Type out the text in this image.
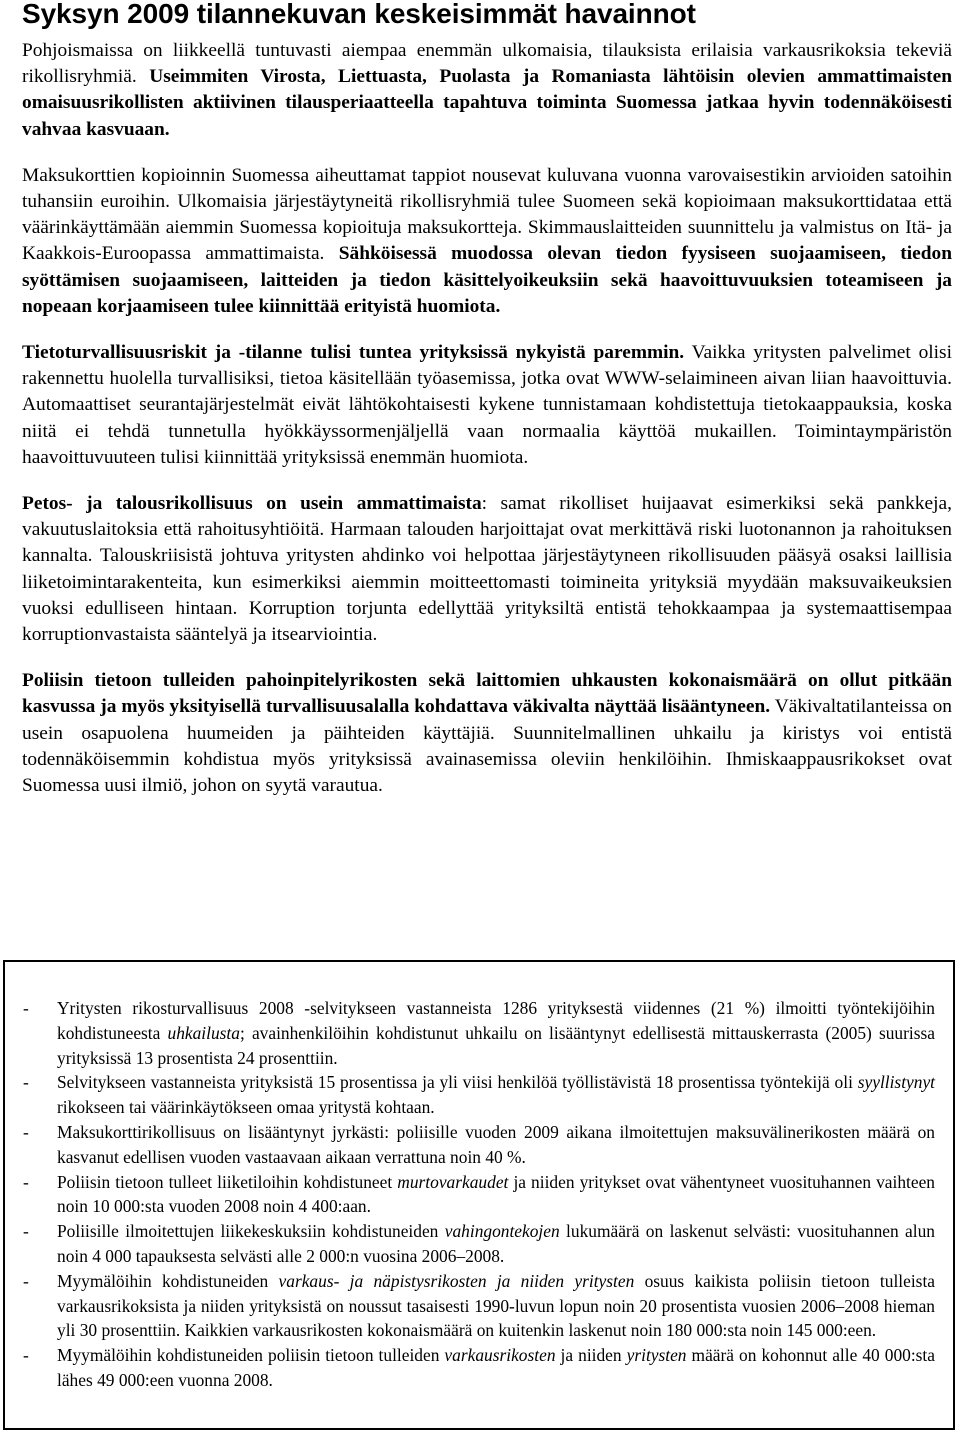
Syksyn 2009 tilannekuvan keskeisimmät havainnot

Pohjoismaissa on liikkeellä tuntuvasti aiempaa enemmän ulkomaisia, tilauksista erilaisia varkausrikoksia tekeviä rikollisryhmiä. Useimmiten Virosta, Liettuasta, Puolasta ja Romaniasta lähtöisin olevien ammattimaisten omaisuusrikollisten aktiivinen tilausperiaatteella tapahtuva toiminta Suomessa jatkaa hyvin todennäköisesti vahvaa kasvuaan.

Maksukorttien kopioinnin Suomessa aiheuttamat tappiot nousevat kuluvana vuonna varovaisestikin arvioiden satoihin tuhansiin euroihin. Ulkomaisia järjestäytyneitä rikollisryhmiä tulee Suomeen sekä kopioimaan maksukorttidataa että väärinkäyttämään aiemmin Suomessa kopioituja maksukortteja. Skimmauslaitteiden suunnittelu ja valmistus on Itä- ja Kaakkois-Euroopassa ammattimaista. Sähköisessä muodossa olevan tiedon fyysiseen suojaamiseen, tiedon syöttämisen suojaamiseen, laitteiden ja tiedon käsittelyoikeuksiin sekä haavoittuvuuksien toteamiseen ja nopeaan korjaamiseen tulee kiinnittää erityistä huomiota.

Tietoturvallisuusriskit ja -tilanne tulisi tuntea yrityksissä nykyistä paremmin. Vaikka yritysten palvelimet olisi rakennettu huolella turvallisiksi, tietoa käsitellään työasemissa, jotka ovat WWW-selaimineen aivan liian haavoittuvia. Automaattiset seurantajärjestelmät eivät lähtökohtaisesti kykene tunnistamaan kohdistettuja tietokaappauksia, koska niitä ei tehdä tunnetulla hyökkäyssormenjäljellä vaan normaalia käyttöä mukaillen. Toimintaympäristön haavoittuvuuteen tulisi kiinnittää yrityksissä enemmän huomiota.

Petos- ja talousrikollisuus on usein ammattimaista: samat rikolliset huijaavat esimerkiksi sekä pankkeja, vakuutuslaitoksia että rahoitusyhtiöitä. Harmaan talouden harjoittajat ovat merkittävä riski luotonannon ja rahoituksen kannalta. Talouskriisistä johtuva yritysten ahdinko voi helpottaa järjestäytyneen rikollisuuden pääsyä osaksi laillisia liiketoimintarakenteita, kun esimerkiksi aiemmin moitteettomasti toimineita yrityksiä myydään maksuvaikeuksien vuoksi edulliseen hintaan. Korruption torjunta edellyttää yrityksiltä entistä tehokkaampaa ja systemaattisempaa korruptionvastaista sääntelyä ja itsearviointia.

Poliisin tietoon tulleiden pahoinpitelyrikosten sekä laittomien uhkausten kokonaismäärä on ollut pitkään kasvussa ja myös yksityisellä turvallisuusalalla kohdattava väkivalta näyttää lisääntyneen. Väkivaltatilanteissa on usein osapuolena huumeiden ja päihteiden käyttäjiä. Suunnitelmallinen uhkailu ja kiristys voi entistä todennäköisemmin kohdistua myös yrityksissä avainasemissa oleviin henkilöihin. Ihmiskaappausrikokset ovat Suomessa uusi ilmiö, johon on syytä varautua.

- Yritysten rikosturvallisuus 2008 -selvitykseen vastanneista 1286 yrityksestä viidennes (21 %) ilmoitti työntekijöihin kohdistuneesta uhkailusta; avainhenkilöihin kohdistunut uhkailu on lisääntynyt edellisestä mittauskerrasta (2005) suurissa yrityksissä 13 prosentista 24 prosenttiin.
- Selvitykseen vastanneista yrityksistä 15 prosentissa ja yli viisi henkilöä työllistävistä 18 prosentissa työntekijä oli syyllistynyt rikokseen tai väärinkäytökseen omaa yritystä kohtaan.
- Maksukorttirikollisuus on lisääntynyt jyrkästi: poliisille vuoden 2009 aikana ilmoitettujen maksuvälinerikosten määrä on kasvanut edellisen vuoden vastaavaan aikaan verrattuna noin 40 %.
- Poliisin tietoon tulleet liiketiloihin kohdistuneet murtovarkaudet ja niiden yritykset ovat vähentyneet vuosituhannen vaihteen noin 10 000:sta vuoden 2008 noin 4 400:aan.
- Poliisille ilmoitettujen liikekeskuksiin kohdistuneiden vahingontekojen lukumäärä on laskenut selvästi: vuosituhannen alun noin 4 000 tapauksesta selvästi alle 2 000:n vuosina 2006–2008.
- Myymälöihin kohdistuneiden varkaus- ja näpistysrikosten ja niiden yritysten osuus kaikista poliisin tietoon tulleista varkausrikoksista ja niiden yrityksistä on noussut tasaisesti 1990-luvun lopun noin 20 prosentista vuosien 2006–2008 hieman yli 30 prosenttiin. Kaikkien varkausrikosten kokonaismäärä on kuitenkin laskenut noin 180 000:sta noin 145 000:een.
- Myymälöihin kohdistuneiden poliisin tietoon tulleiden varkausrikosten ja niiden yritysten määrä on kohonnut alle 40 000:sta lähes 49 000:een vuonna 2008.
